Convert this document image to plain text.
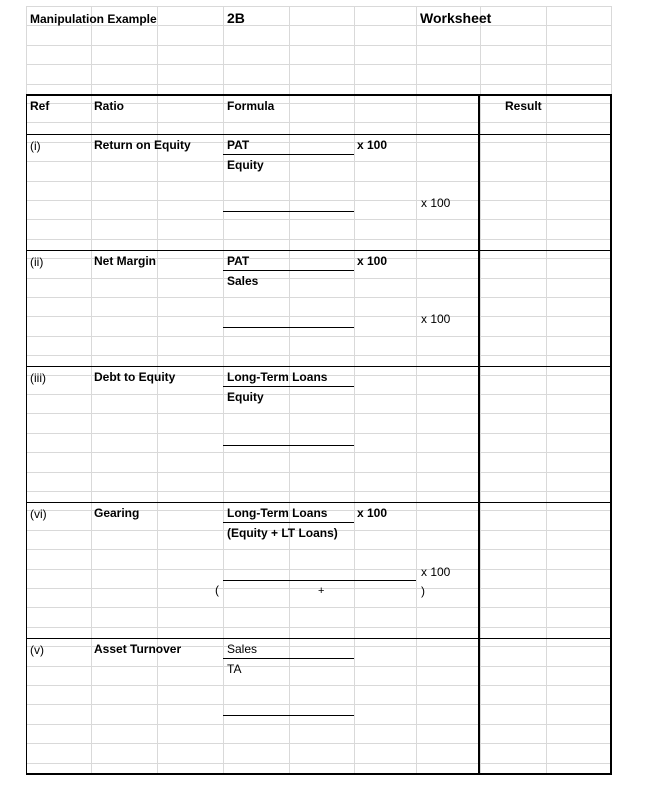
Manipulation Example	2B	Worksheet
Ref	Ratio	Formula	Result
(i)	Return on Equity	PAT	x 100
Equity
x 100
(ii)	Net Margin	PAT	x 100
Sales
x 100
(iii)	Debt to Equity	Long-Term Loans
Equity
(vi)	Gearing	Long-Term Loans x 100
(Equity + LT Loans)
x 100
(	+	)
(v)	Asset Turnover	Sales
TA
